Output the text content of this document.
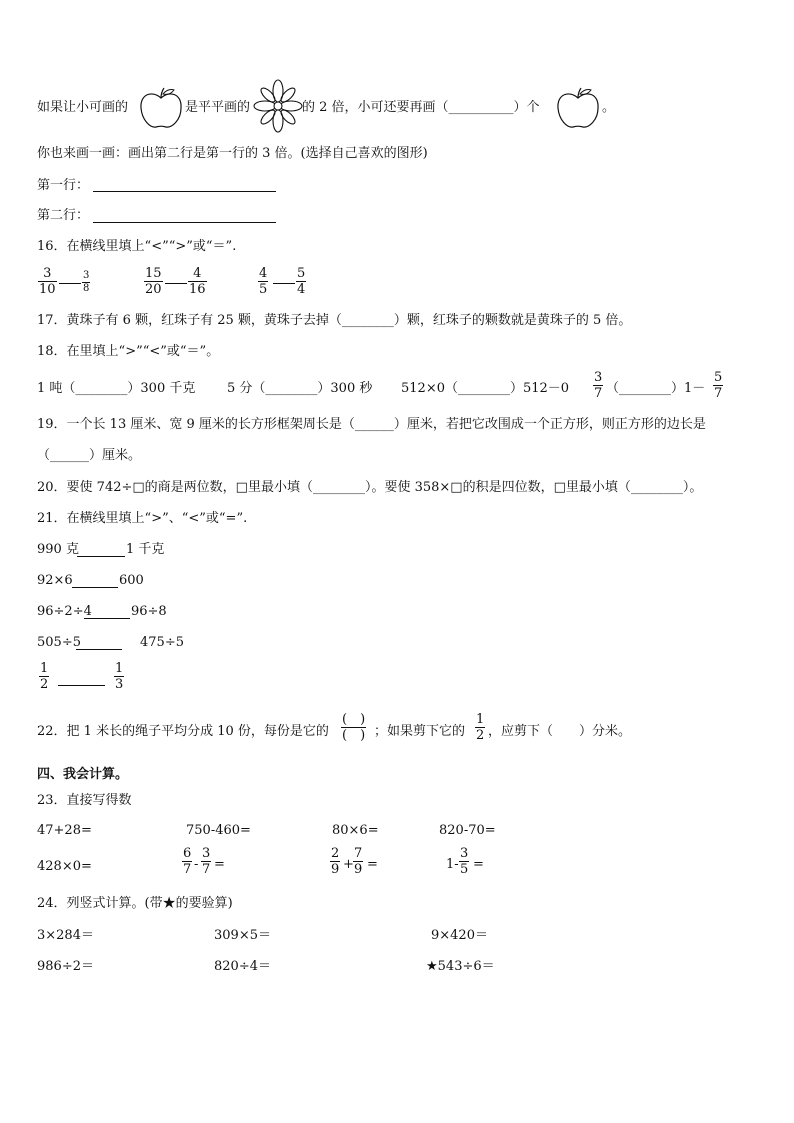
如果让小可画的	是平平画的	的 2 倍，小可还要再画（__________）个	。
你也来画一画：画出第二行是第一行的 3 倍。(选择自己喜欢的图形)
第一行：
第二行：
16．在横线里填上“<”“>”或“＝”.
$\frac{3}{10}$	$\frac{3}{8}$	$\frac{15}{20} \frac{4}{16}$	$\frac{4}{5} \frac{5}{4}$
17．黄珠子有 6 颗，红珠子有 25 颗，黄珠子去掉（________）颗，红珠子的颗数就是黄珠子的 5 倍。
18．在里填上“>”“<”或“＝”。
1 吨（________）300 千克 5 分（________）300 秒 512×0（________）512－0 $\frac{3}{7}$ （________）1－ $\frac{5}{7}$
19．一个长 13 厘米、宽 9 厘米的长方形框架周长是（______）厘米，若把它改围成一个正方形，则正方形的边长是
（______）厘米。
20．要使 742÷□的商是两位数，□里最小填（________）。要使 358×□的积是四位数，□里最小填（________）。
21．在横线里填上“>”、“<”或“=”.
990 克	1 千克
92×6	600
96÷2÷4	96÷8
505÷5	475÷5
$\frac{1}{2}$	$\frac{1}{3}$
22．把 1 米长的绳子平均分成 10 份，每份是它的
(　)
(　) ；如果剪下它的 $\frac{1}{2}$ ，应剪下（　　）分米。
四、我会计算。
23．直接写得数
47+28=	750-460=	80×6=	820-70=
428×0=	$\frac{6}{7} - \frac{3}{7}$ =	$\frac{2}{9} + \frac{7}{9}$ =	$1- \frac{3}{5}$ =
24．列竖式计算。(带★的要验算)
3×284＝	309×5＝	9×420＝
986÷2＝	820÷4＝	★543÷6＝
